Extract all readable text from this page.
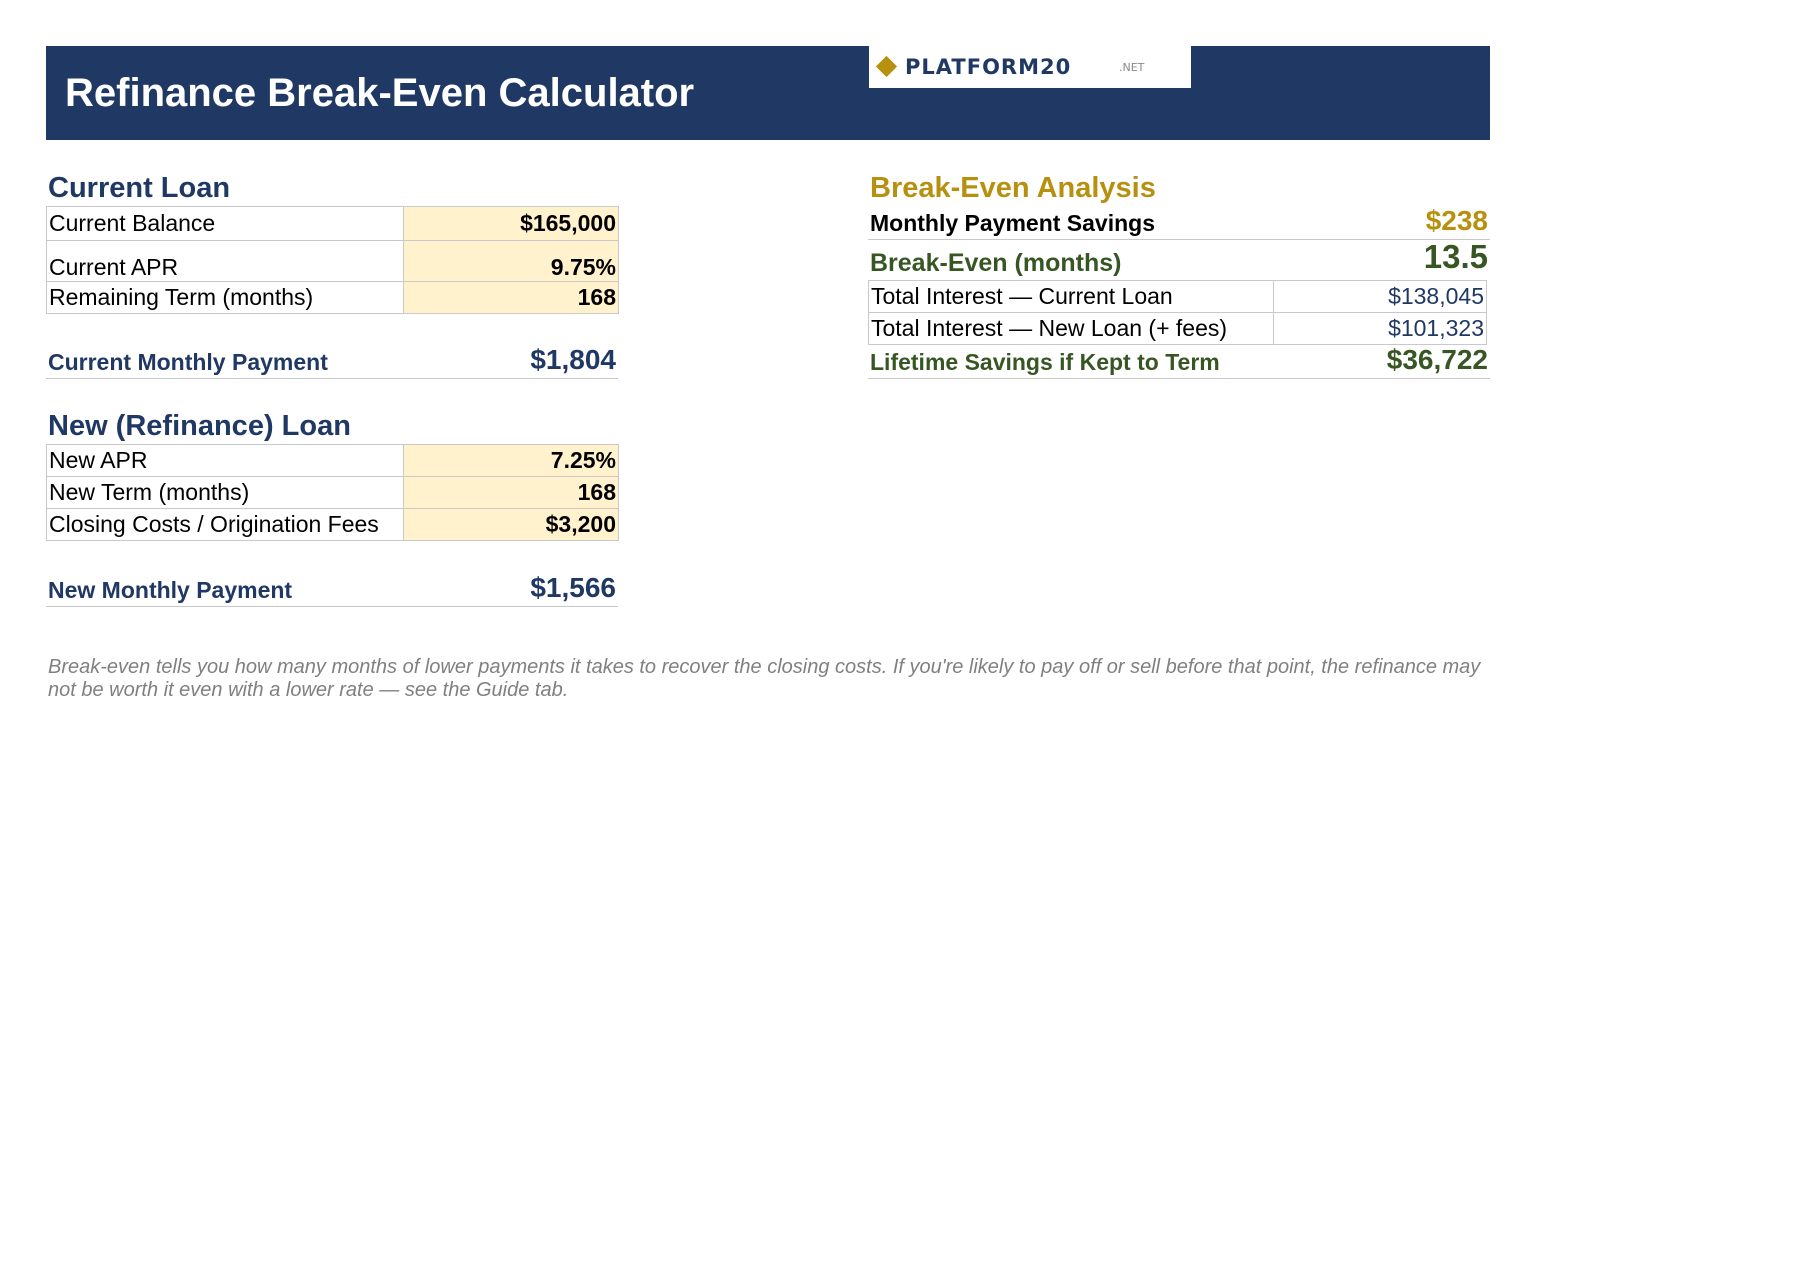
Refinance Break-Even Calculator
PLATFORM20	.NET
Current Loan
Current Balance	$165,000
Current APR	9.75%
Remaining Term (months)	168
Current Monthly Payment	$1,804
New (Refinance) Loan
New APR	7.25%
New Term (months)	168
Closing Costs / Origination Fees	$3,200
New Monthly Payment	$1,566
Break-Even Analysis
Monthly Payment Savings	$238
Break-Even (months)	13.5
Total Interest — Current Loan	$138,045
Total Interest — New Loan (+ fees)	$101,323
Lifetime Savings if Kept to Term	$36,722
Break-even tells you how many months of lower payments it takes to recover the closing costs. If you're likely to pay off or sell before that point, the refinance may not be worth it even with a lower rate — see the Guide tab.
